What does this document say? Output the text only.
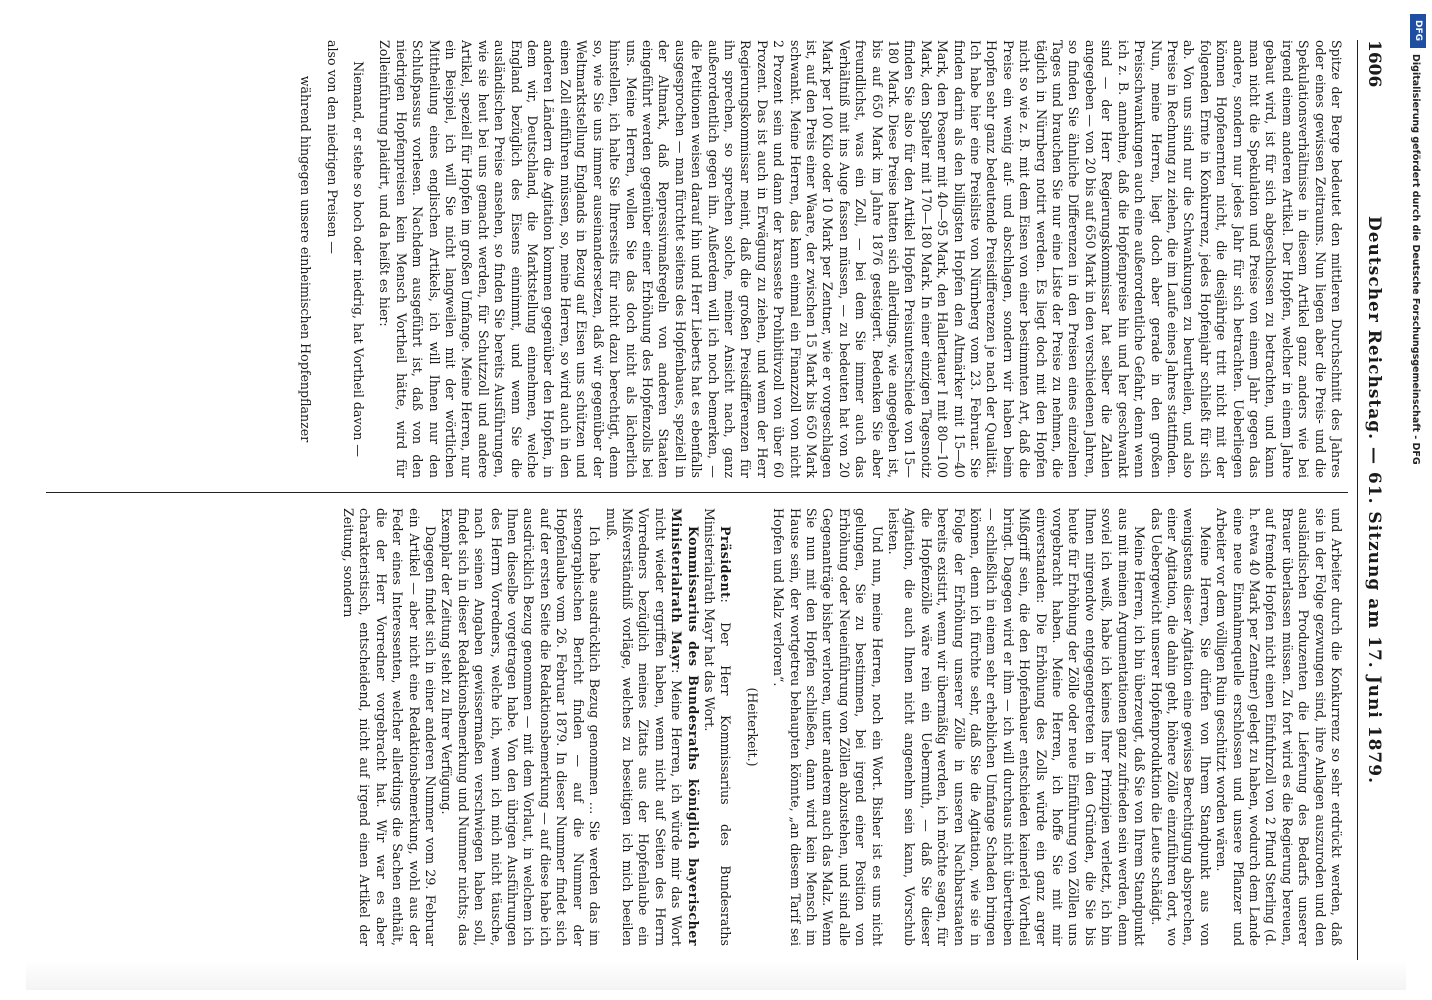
1606
Deutscher Reichstag. — 61. Sitzung am 17. Juni 1879.

Spitze der Berge bedeutet den mittleren Durchschnitt des Jahres oder eines gewissen Zeitraums. Nun liegen aber die Preis- und die Spekulationsverhältnisse in diesem Artikel ganz anders wie bei irgend einem anderen Artikel. Der Hopfen, welcher in einem Jahre gebaut wird, ist für sich abgeschlossen zu betrachten, und kann man nicht die Spekulation und Preise von einem Jahr gegen das andere, sondern nur jedes Jahr für sich betrachten. Ueberliegen können Hopfenernten nicht, die diesjährige tritt nicht mit der folgenden Ernte in Konkurrenz, jedes Hopfenjahr schließt für sich ab. Von uns sind nur die Schwankungen zu beurtheilen, und also Preise in Rechnung zu ziehen, die im Laufe eines Jahres stattfinden. Nun, meine Herren, liegt doch aber gerade in den großen Preisschwankungen auch eine außerordentliche Gefahr, denn wenn ich z. B. annehme, daß die Hopfenpreise hin und her geschwankt sind — der Herr Regierungskommissar hat selber die Zahlen angegeben — von 20 bis auf 650 Mark in den verschiedenen Jahren, so finden Sie ähnliche Differenzen in den Preisen eines einzelnen Tages und brauchen Sie nur eine Liste der Preise zu nehmen, die täglich in Nürnberg notirt werden. Es liegt doch mit den Hopfen nicht so wie z. B. mit dem Eisen von einer bestimmten Art, daß die Preise ein wenig auf- und abschlagen, sondern wir haben beim Hopfen sehr ganz bedeutende Preisdifferenzen je nach der Qualität. Ich habe hier eine Preisliste von Nürnberg vom 23. Februar. Sie finden darin als den billigsten Hopfen den Altmärker mit 15—40 Mark, den Posener mit 40—95 Mark, den Hallertauer I mit 80—100 Mark, den Spalter mit 170—180 Mark. In einer einzigen Tagesnotiz finden Sie also für den Artikel Hopfen Preisunterschiede von 15—180 Mark. Diese Preise hatten sich allerdings, wie angegeben ist, bis auf 650 Mark im Jahre 1876 gesteigert. Bedenken Sie aber freundlichst, was ein Zoll, — bei dem Sie immer auch das Verhältniß mit ins Auge fassen müssen, — zu bedeuten hat von 20 Mark per 100 Kilo oder 10 Mark per Zentner, wie er vorgeschlagen ist, auf den Preis einer Waare, der zwischen 15 Mark bis 650 Mark schwankt. Meine Herren, das kann einmal ein Finanzzoll von nicht 2 Prozent sein und dann der krasseste Prohibitivzoll von über 60 Prozent. Das ist auch in Erwägung zu ziehen, und wenn der Herr Regierungskommissar meint, daß die großen Preisdifferenzen für ihn sprechen, so sprechen solche, meiner Ansicht nach, ganz außerordentlich gegen ihn. Außerdem will ich noch bemerken, — die Petitionen weisen darauf hin und Herr Lieberts hat es ebenfalls ausgesprochen — man fürchtet seitens des Hopfenbaues, speziell in der Altmark, daß Repressivmaßregeln von anderen Staaten eingeführt werden gegenüber einer Erhöhung des Hopfenzolls bei uns. Meine Herren, wollen Sie das doch nicht als lächerlich hinstellen, ich halte Sie Ihrerseits für nicht dazu berechtigt, denn so, wie Sie uns immer auseinandersetzen, daß wir gegenüber der Weltmarktstellung Englands in Bezug auf Eisen uns schützen und einen Zoll einführen müssen, so, meine Herren, so wird auch in den anderen Ländern die Agitation kommen gegenüber den Hopfen, in dem wir, Deutschland, die Marktstellung einnehmen, welche England bezüglich des Eisens einnimmt, und wenn Sie die ausländischen Preise ansehen, so finden Sie bereits Ausführungen, wie sie heut bei uns gemacht werden, für Schutzzoll und andere Artikel, speziell für Hopfen im großen Umfange. Meine Herren, nur ein Beispiel, ich will Sie nicht langweilen mit der wörtlichen Mittheilung eines englischen Artikels, ich will Ihnen nur den Schlußpassus vorlesen. Nachdem ausgeführt ist, daß von den niedrigen Hopfenpreisen kein Mensch Vortheil hätte, wird für Zolleinführung plaidirt, und da heißt es hier:

Niemand, er stehe so hoch oder niedrig, hat Vortheil davon —

also von den niedrigen Preisen —

während hingegen unsere einheimischen Hopfenpflanzer

und Arbeiter durch die Konkurrenz so sehr erdrückt werden, daß sie in der Folge gezwungen sind, ihre Anlagen auszuroden und den ausländischen Produzenten die Lieferung des Bedarfs unserer Brauer überlassen müssen. Zu fort wird es die Regierung bereuen, auf fremde Hopfen nicht einen Einfuhrzoll von 2 Pfund Sterling (d. h. etwa 40 Mark per Zentner) gelegt zu haben, wodurch dem Lande eine neue Einnahmequelle erschlossen und unsere Pflanzer und Arbeiter vor dem völligen Ruin geschützt worden wären.

Meine Herren, Sie dürfen von Ihrem Standpunkt aus von wenigstens dieser Agitation eine gewisse Berechtigung absprechen, einer Agitation, die dahin geht, höhere Zölle einzuführen dort, wo das Uebergewicht unserer Hopfenproduktion die Leute schädigt.

Meine Herren, ich bin überzeugt, daß Sie von Ihrem Standpunkt aus mit meinen Argumentationen ganz zufrieden sein werden, denn soviel ich weiß, habe ich keines Ihrer Prinzipien verletzt, ich bin Ihnen nirgendwo entgegengetreten in den Gründen, die Sie bis heute für Erhöhung der Zölle oder neue Einführung von Zöllen uns vorgebracht haben. Meine Herren, ich hoffe Sie mit mir einverstanden: Die Erhöhung des Zolls würde ein ganz arger Mißgriff sein, die den Hopfenbauer entschieden keinerlei Vortheil bringt. Dagegen wird er ihm — ich will durchaus nicht übertreiben — schließlich in einem sehr erheblichen Umfange Schaden bringen können, denn ich fürchte sehr, daß Sie die Agitation, wie sie in Folge der Erhöhung unserer Zölle in unseren Nachbarstaaten bereits existirt, wenn wir übermäßig werden, ich möchte sagen, für die Hopfenzölle wäre rein ein Uebermuth, — daß Sie dieser Agitation, die auch Ihnen nicht angenehm sein kann, Vorschub leisten.

Und nun, meine Herren, noch ein Wort. Bisher ist es uns nicht gelungen, Sie zu bestimmen, bei irgend einer Position von Erhöhung oder Neueinführung von Zöllen abzustehen, und sind alle Gegenanträge bisher verloren, unter anderem auch das Malz. Wenn Sie nun mit den Hopfen schließen, dann wird kein Mensch im Hause sein, der wortgetreu behaupten könnte, „an diesem Tarif sei Hopfen und Malz verloren“.

(Heiterkeit.)

Präsident: Der Herr Kommissarius des Bundesraths Ministerialrath Mayr hat das Wort.

Kommissarius des Bundesraths königlich bayerischer Ministerialrath Mayr: Meine Herren, ich würde mir das Wort nicht wieder ergriffen haben, wenn nicht auf Seiten des Herrn Vorredners bezüglich meines Zitats aus der Hopfenlaube ein Mißverständniß vorläge, welches zu beseitigen ich mich beeilen muß.

Ich habe ausdrücklich Bezug genommen … Sie werden das im stenographischen Bericht finden — auf die Nummer der Hopfenlaube vom 26. Februar 1879. In dieser Nummer findet sich auf der ersten Seite die Redaktionsbemerkung — auf diese habe ich ausdrücklich Bezug genommen — mit dem Vorlaut, in welchem ich Ihnen dieselbe vorgetragen habe. Von den übrigen Ausführungen des Herrn Vorredners, welche ich, wenn ich mich nicht täusche, nach seinen Angaben gewissermaßen verschwiegen haben soll, findet sich in dieser Redaktionsbemerkung und Nummer nichts; das Exemplar der Zeitung steht zu Ihrer Verfügung.

Dagegen findet sich in einer anderen Nummer vom 29. Februar ein Artikel — aber nicht eine Redaktionsbemerkung, wohl aus der Feder eines Interessenten, welcher allerdings die Sachen enthält, die der Herr Vorredner vorgebracht hat. Wir war es aber charakteristisch, entscheidend, nicht auf irgend einen Artikel der Zeitung, sondern

DFG
Digitalisierung gefördert durch die Deutsche Forschungsgemeinschaft - DFG
